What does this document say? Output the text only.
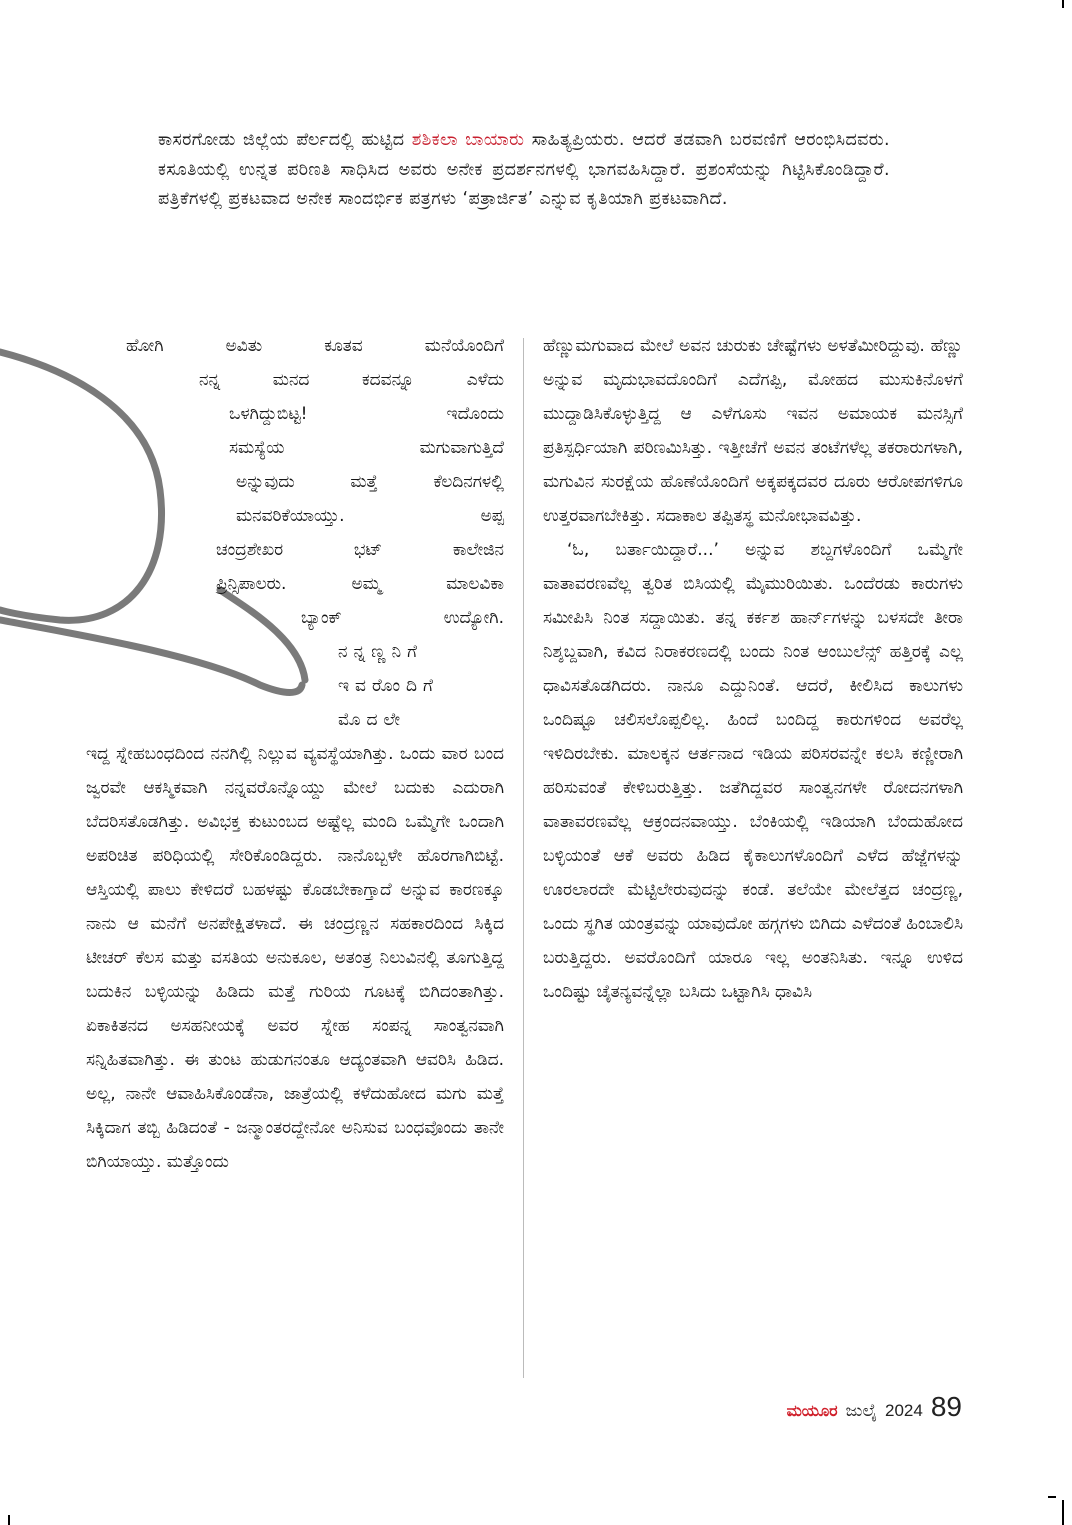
ಕಾಸರಗೋಡು ಜಿಲ್ಲೆಯ ಪೆರ್ಲದಲ್ಲಿ ಹುಟ್ಟಿದ ಶಶಿಕಲಾ ಬಾಯಾರು ಸಾಹಿತ್ಯಪ್ರಿಯರು. ಆದರೆ ತಡವಾಗಿ ಬರವಣಿಗೆ ಆರಂಭಿಸಿದವರು. ಕಸೂತಿಯಲ್ಲಿ ಉನ್ನತ ಪರಿಣತಿ ಸಾಧಿಸಿದ ಅವರು ಅನೇಕ ಪ್ರದರ್ಶನಗಳಲ್ಲಿ ಭಾಗವಹಿಸಿದ್ದಾರೆ. ಪ್ರಶಂಸೆಯನ್ನು ಗಿಟ್ಟಿಸಿಕೊಂಡಿದ್ದಾರೆ. ಪತ್ರಿಕೆಗಳಲ್ಲಿ ಪ್ರಕಟವಾದ ಅನೇಕ ಸಾಂದರ್ಭಿಕ ಪತ್ರಗಳು ‘ಪತ್ರಾರ್ಜಿತ’ ಎನ್ನುವ ಕೃತಿಯಾಗಿ ಪ್ರಕಟವಾಗಿದೆ.
ಹೋಗಿ ಅವಿತು ಕೂತವ ಮನೆಯೊಂದಿಗೆ
ನನ್ನ ಮನದ ಕದವನ್ನೂ ಎಳೆದು
ಒಳಗಿದ್ದುಬಿಟ್ಟ! ಇದೊಂದು
ಸಮಸ್ಯೆಯ ಮಗುವಾಗುತ್ತಿದೆ
ಅನ್ನುವುದು ಮತ್ತೆ ಕೆಲದಿನಗಳಲ್ಲಿ
ಮನವರಿಕೆಯಾಯ್ತು. ಅಪ್ಪ
ಚಂದ್ರಶೇಖರ ಭಟ್ ಕಾಲೇಜಿನ
ಪ್ರಿನ್ಸಿಪಾಲರು. ಅಮ್ಮ ಮಾಲವಿಕಾ
ಬ್ಯಾಂಕ್ ಉದ್ಯೋಗಿ.
ನನ್ನಣ್ಣನಿಗೆ
ಇವರೊಂದಿಗೆ
ಮೊದಲೇ

ಇದ್ದ ಸ್ನೇಹಬಂಧದಿಂದ ನನಗಿಲ್ಲಿ ನಿಲ್ಲುವ ವ್ಯವಸ್ಥೆಯಾಗಿತ್ತು. ಒಂದು ವಾರ ಬಂದ ಜ್ವರವೇ ಆಕಸ್ಮಿಕವಾಗಿ ನನ್ನವರೊನ್ನೊಯ್ದು ಮೇಲೆ ಬದುಕು ಎದುರಾಗಿ ಬೆದರಿಸತೊಡಗಿತ್ತು. ಅವಿಭಕ್ತ ಕುಟುಂಬದ ಅಷ್ಟೆಲ್ಲ ಮಂದಿ ಒಮ್ಮೆಗೇ ಒಂದಾಗಿ ಅಪರಿಚಿತ ಪರಿಧಿಯಲ್ಲಿ ಸೇರಿಕೊಂಡಿದ್ದರು. ನಾನೊಬ್ಬಳೇ ಹೊರಗಾಗಿಬಿಟ್ಟೆ. ಆಸ್ತಿಯಲ್ಲಿ ಪಾಲು ಕೇಳಿದರೆ ಬಹಳಷ್ಟು ಕೊಡಬೇಕಾಗ್ತಾದೆ ಅನ್ನುವ ಕಾರಣಕ್ಕೂ ನಾನು ಆ ಮನೆಗೆ ಅನಪೇಕ್ಷಿತಳಾದೆ. ಈ ಚಂದ್ರಣ್ಣನ ಸಹಕಾರದಿಂದ ಸಿಕ್ಕಿದ ಟೀಚರ್ ಕೆಲಸ ಮತ್ತು ವಸತಿಯ ಅನುಕೂಲ, ಅತಂತ್ರ ನಿಲುವಿನಲ್ಲಿ ತೂಗುತ್ತಿದ್ದ ಬದುಕಿನ ಬಳ್ಳಿಯನ್ನು ಹಿಡಿದು ಮತ್ತೆ ಗುರಿಯ ಗೂಟಕ್ಕೆ ಬಿಗಿದಂತಾಗಿತ್ತು. ಏಕಾಕಿತನದ ಅಸಹನೀಯಕ್ಕೆ ಅವರ ಸ್ನೇಹ ಸಂಪನ್ನ ಸಾಂತ್ವನವಾಗಿ ಸನ್ನಿಹಿತವಾಗಿತ್ತು. ಈ ತುಂಟ ಹುಡುಗನಂತೂ ಆದ್ಯಂತವಾಗಿ ಆವರಿಸಿ ಹಿಡಿದ. ಅಲ್ಲ, ನಾನೇ ಆವಾಹಿಸಿಕೊಂಡೆನಾ, ಜಾತ್ರೆಯಲ್ಲಿ ಕಳೆದುಹೋದ ಮಗು ಮತ್ತೆ ಸಿಕ್ಕಿದಾಗ ತಬ್ಬಿ ಹಿಡಿದಂತೆ - ಜನ್ಮಾಂತರದ್ದೇನೋ ಅನಿಸುವ ಬಂಧವೊಂದು ತಾನೇ ಬಿಗಿಯಾಯ್ತು. ಮತ್ತೊಂದು

ಹೆಣ್ಣುಮಗುವಾದ ಮೇಲೆ ಅವನ ಚುರುಕು ಚೇಷ್ಟೆಗಳು ಅಳತೆಮೀರಿದ್ದುವು. ಹೆಣ್ಣು ಅನ್ನುವ ಮೃದುಭಾವದೊಂದಿಗೆ ಎದೆಗಪ್ಪಿ, ಮೋಹದ ಮುಸುಕಿನೊಳಗೆ ಮುದ್ದಾಡಿಸಿಕೊಳ್ಳುತ್ತಿದ್ದ ಆ ಎಳೆಗೂಸು ಇವನ ಅಮಾಯಕ ಮನಸ್ಸಿಗೆ ಪ್ರತಿಸ್ಪರ್ಧಿಯಾಗಿ ಪರಿಣಮಿಸಿತ್ತು. ಇತ್ತೀಚೆಗೆ ಅವನ ತಂಟೆಗಳೆಲ್ಲ ತಕರಾರುಗಳಾಗಿ, ಮಗುವಿನ ಸುರಕ್ಷೆಯ ಹೊಣೆಯೊಂದಿಗೆ ಅಕ್ಕಪಕ್ಕದವರ ದೂರು ಆರೋಪಗಳಿಗೂ ಉತ್ತರವಾಗಬೇಕಿತ್ತು. ಸದಾಕಾಲ ತಪ್ಪಿತಸ್ಥ ಮನೋಭಾವವಿತ್ತು.

‘ಓ, ಬರ್ತಾಯಿದ್ದಾರೆ...’ ಅನ್ನುವ ಶಬ್ದಗಳೊಂದಿಗೆ ಒಮ್ಮೆಗೇ ವಾತಾವರಣವೆಲ್ಲ ತ್ವರಿತ ಬಿಸಿಯಲ್ಲಿ ಮೈಮುರಿಯಿತು. ಒಂದೆರಡು ಕಾರುಗಳು ಸಮೀಪಿಸಿ ನಿಂತ ಸದ್ದಾಯಿತು. ತನ್ನ ಕರ್ಕಶ ಹಾರ್ನ್‌ಗಳನ್ನು ಬಳಸದೇ ತೀರಾ ನಿಶ್ಶಬ್ದವಾಗಿ, ಕವಿದ ನಿರಾಕರಣದಲ್ಲಿ ಬಂದು ನಿಂತ ಆಂಬುಲೆನ್ಸ್ ಹತ್ತಿರಕ್ಕೆ ಎಲ್ಲ ಧಾವಿಸತೊಡಗಿದರು. ನಾನೂ ಎದ್ದುನಿಂತೆ. ಆದರೆ, ಕೀಲಿಸಿದ ಕಾಲುಗಳು ಒಂದಿಷ್ಟೂ ಚಲಿಸಲೊಪ್ಪಲಿಲ್ಲ. ಹಿಂದೆ ಬಂದಿದ್ದ ಕಾರುಗಳಿಂದ ಅವರೆಲ್ಲ ಇಳಿದಿರಬೇಕು. ಮಾಲಕ್ಕನ ಆರ್ತನಾದ ಇಡಿಯ ಪರಿಸರವನ್ನೇ ಕಲಸಿ ಕಣ್ಣೀರಾಗಿ ಹರಿಸುವಂತೆ ಕೇಳಿಬರುತ್ತಿತ್ತು. ಜತೆಗಿದ್ದವರ ಸಾಂತ್ವನಗಳೇ ರೋದನಗಳಾಗಿ ವಾತಾವರಣವೆಲ್ಲ ಆಕ್ರಂದನವಾಯ್ತು. ಬೆಂಕಿಯಲ್ಲಿ ಇಡಿಯಾಗಿ ಬೆಂದುಹೋದ ಬಳ್ಳಿಯಂತೆ ಆಕೆ ಅವರು ಹಿಡಿದ ಕೈಕಾಲುಗಳೊಂದಿಗೆ ಎಳೆದ ಹೆಜ್ಜೆಗಳನ್ನು ಊರಲಾರದೇ ಮೆಟ್ಟಿಲೇರುವುದನ್ನು ಕಂಡೆ. ತಲೆಯೇ ಮೇಲೆತ್ತದ ಚಂದ್ರಣ್ಣ, ಒಂದು ಸ್ಥಗಿತ ಯಂತ್ರವನ್ನು ಯಾವುದೋ ಹಗ್ಗಗಳು ಬಿಗಿದು ಎಳೆದಂತೆ ಹಿಂಬಾಲಿಸಿ ಬರುತ್ತಿದ್ದರು. ಅವರೊಂದಿಗೆ ಯಾರೂ ಇಲ್ಲ ಅಂತನಿಸಿತು. ಇನ್ನೂ ಉಳಿದ ಒಂದಿಷ್ಟು ಚೈತನ್ಯವನ್ನೆಲ್ಲಾ ಬಸಿದು ಒಟ್ಟಾಗಿಸಿ ಧಾವಿಸಿ

ಮಯೂರ ಜುಲೈ 2024 89
